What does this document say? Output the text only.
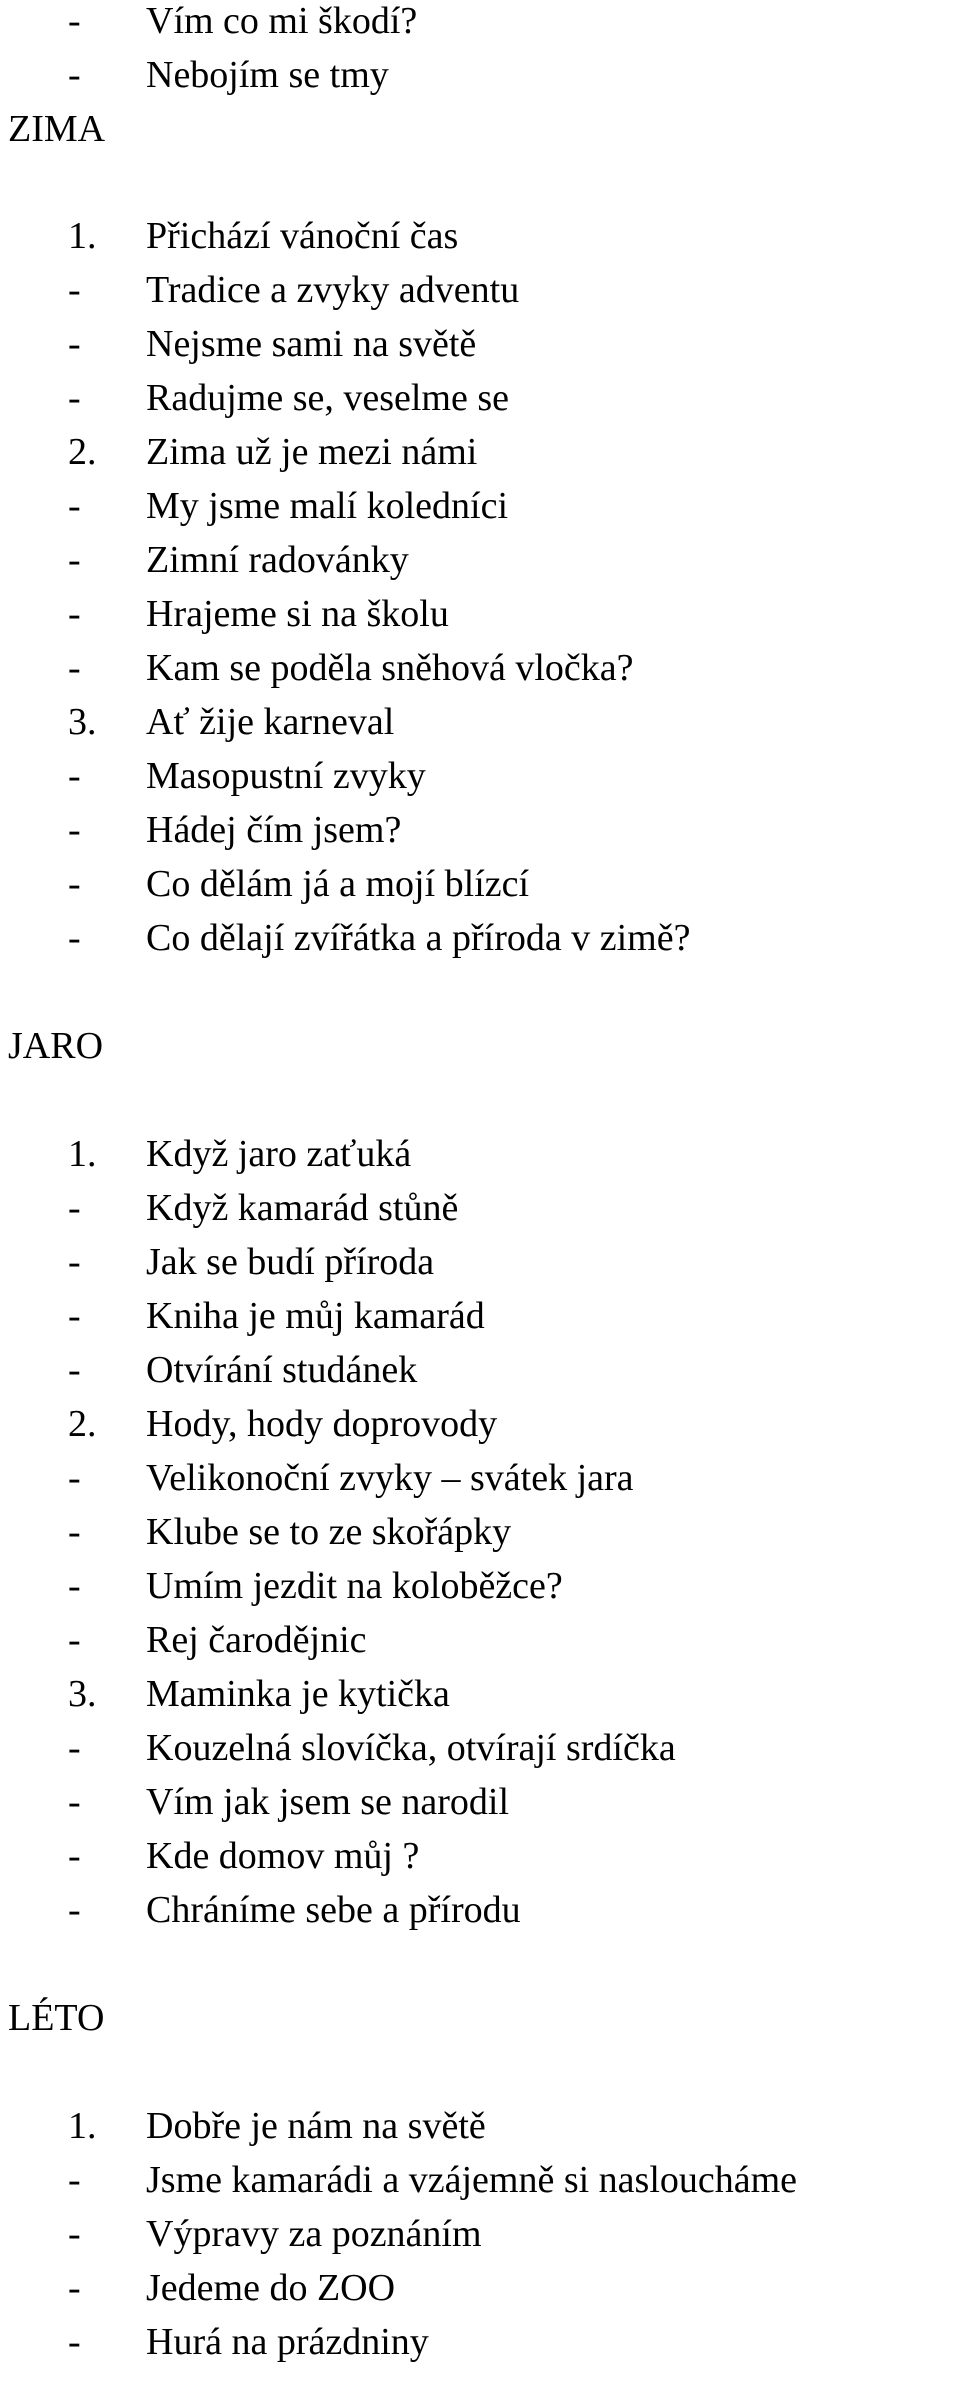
-	Vím co mi škodí?
-	Nebojím se tmy
ZIMA
1.	Přichází vánoční čas
-	Tradice a zvyky adventu
-	Nejsme sami na světě
-	Radujme se, veselme se
2.	Zima už je mezi námi
-	My jsme malí koledníci
-	Zimní radovánky
-	Hrajeme si na školu
-	Kam se poděla sněhová vločka?
3.	Ať žije karneval
-	Masopustní zvyky
-	Hádej čím jsem?
-	Co dělám já a mojí blízcí
-	Co dělají zvířátka a příroda v zimě?
JARO
1.	Když jaro zaťuká
-	Když kamarád stůně
-	Jak se budí příroda
-	Kniha je můj kamarád
-	Otvírání studánek
2.	Hody, hody doprovody
-	Velikonoční zvyky – svátek jara
-	Klube se to ze skořápky
-	Umím jezdit na koloběžce?
-	Rej čarodějnic
3.	Maminka je kytička
-	Kouzelná slovíčka, otvírají srdíčka
-	Vím jak jsem se narodil
-	Kde domov můj ?
-	Chráníme sebe a přírodu
LÉTO
1.	Dobře je nám na světě
-	Jsme kamarádi a vzájemně si nasloucháme
-	Výpravy za poznáním
-	Jedeme do ZOO
-	Hurá na prázdniny
